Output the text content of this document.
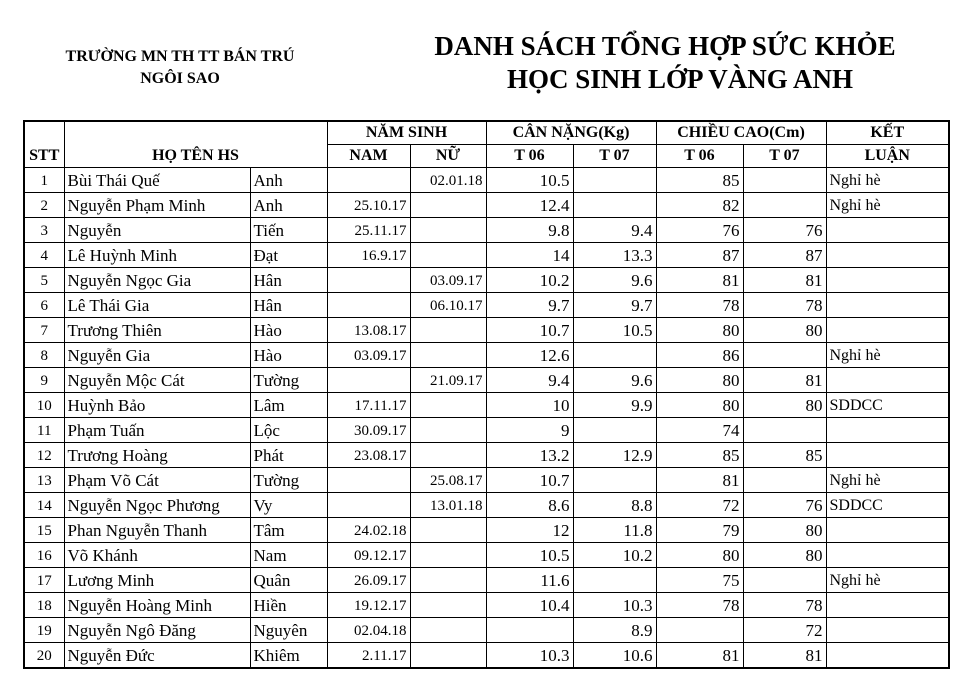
TRƯỜNG MN TH TT BÁN TRÚ
NGÔI SAO
DANH SÁCH TỔNG HỢP SỨC KHỎE
HỌC SINH LỚP VÀNG ANH
STT	HỌ TÊN HS		NĂM SINH		CÂN NẶNG(Kg)		CHIỀU CAO(Cm)		KẾT
			NAM	NỮ	T 06	T 07	T 06	T 07	LUẬN
1	Bùi Thái Quế	Anh		02.01.18	10.5		85		Nghỉ hè
2	Nguyễn Phạm Minh	Anh	25.10.17		12.4		82		Nghỉ hè
3	Nguyễn	Tiến	25.11.17		9.8	9.4	76	76	
4	Lê Huỳnh Minh	Đạt	16.9.17		14	13.3	87	87	
5	Nguyễn Ngọc Gia	Hân		03.09.17	10.2	9.6	81	81	
6	Lê Thái Gia	Hân		06.10.17	9.7	9.7	78	78	
7	Trương Thiên	Hào	13.08.17		10.7	10.5	80	80	
8	Nguyễn Gia	Hào	03.09.17		12.6		86		Nghỉ hè
9	Nguyễn Mộc Cát	Tường		21.09.17	9.4	9.6	80	81	
10	Huỳnh Bảo	Lâm	17.11.17		10	9.9	80	80	SDDCC
11	Phạm Tuấn	Lộc	30.09.17		9		74		
12	Trương Hoàng	Phát	23.08.17		13.2	12.9	85	85	
13	Phạm Võ Cát	Tường		25.08.17	10.7		81		Nghỉ hè
14	Nguyễn Ngọc Phương	Vy		13.01.18	8.6	8.8	72	76	SDDCC
15	Phan Nguyễn Thanh	Tâm	24.02.18		12	11.8	79	80	
16	Võ Khánh	Nam	09.12.17		10.5	10.2	80	80	
17	Lương Minh	Quân	26.09.17		11.6		75		Nghỉ hè
18	Nguyễn Hoàng Minh	Hiền	19.12.17		10.4	10.3	78	78	
19	Nguyễn Ngô Đăng	Nguyên	02.04.18			8.9		72	
20	Nguyễn Đức	Khiêm	2.11.17		10.3	10.6	81	81	
